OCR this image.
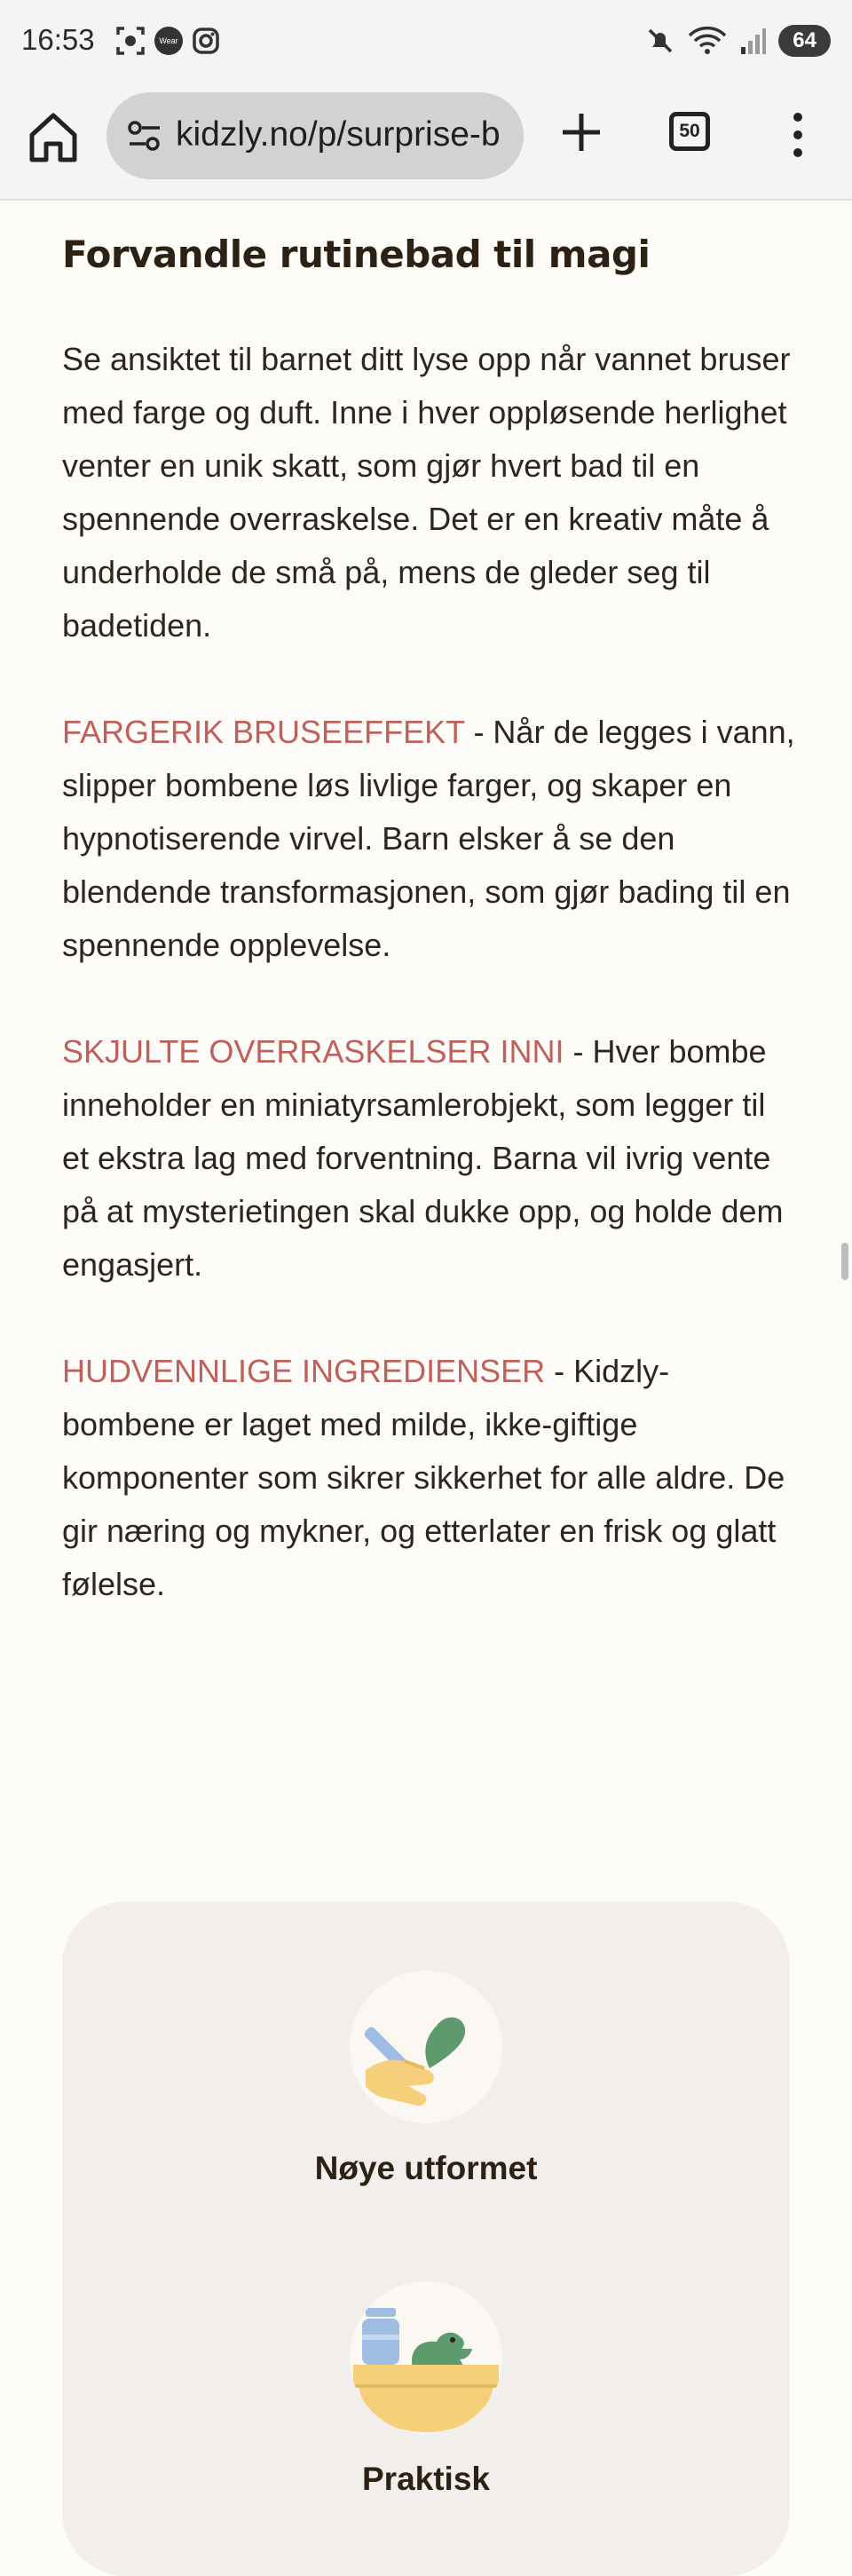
16:53	Wear	64
kidzly.no/p/surprise-b	50
Forvandle rutinebad til magi

Se ansiktet til barnet ditt lyse opp når vannet bruser med farge og duft. Inne i hver oppløsende herlighet venter en unik skatt, som gjør hvert bad til en spennende overraskelse. Det er en kreativ måte å underholde de små på, mens de gleder seg til badetiden.

FARGERIK BRUSEEFFEKT - Når de legges i vann, slipper bombene løs livlige farger, og skaper en hypnotiserende virvel. Barn elsker å se den blendende transformasjonen, som gjør bading til en spennende opplevelse.

SKJULTE OVERRASKELSER INNI - Hver bombe inneholder en miniatyrsamlerobjekt, som legger til et ekstra lag med forventning. Barna vil ivrig vente på at mysterietingen skal dukke opp, og holde dem engasjert.

HUDVENNLIGE INGREDIENSER - Kidzly-bombene er laget med milde, ikke-giftige komponenter som sikrer sikkerhet for alle aldre. De gir næring og mykner, og etterlater en frisk og glatt følelse.

Nøye utformet
Praktisk
